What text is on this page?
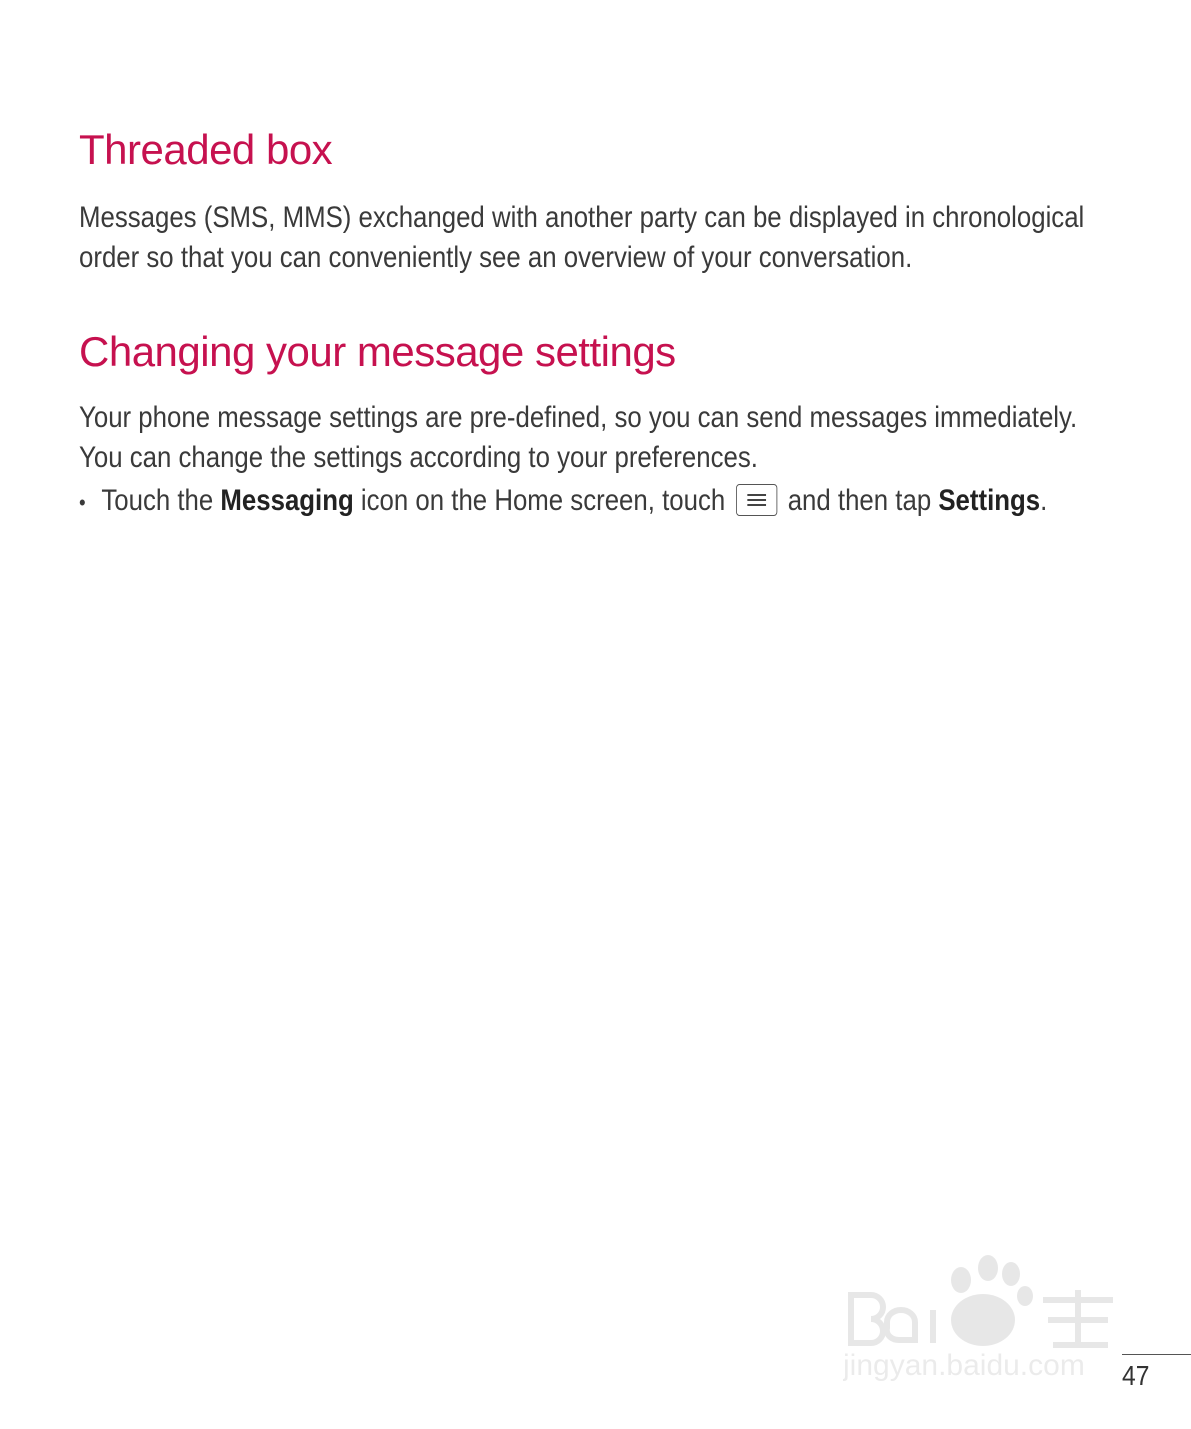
Threaded box
Messages (SMS, MMS) exchanged with another party can be displayed in chronological
order so that you can conveniently see an overview of your conversation.
Changing your message settings
Your phone message settings are pre-defined, so you can send messages immediately.
You can change the settings according to your preferences.
• Touch the Messaging icon on the Home screen, touch
and then tap Settings.
jingyan.baidu.com 47
